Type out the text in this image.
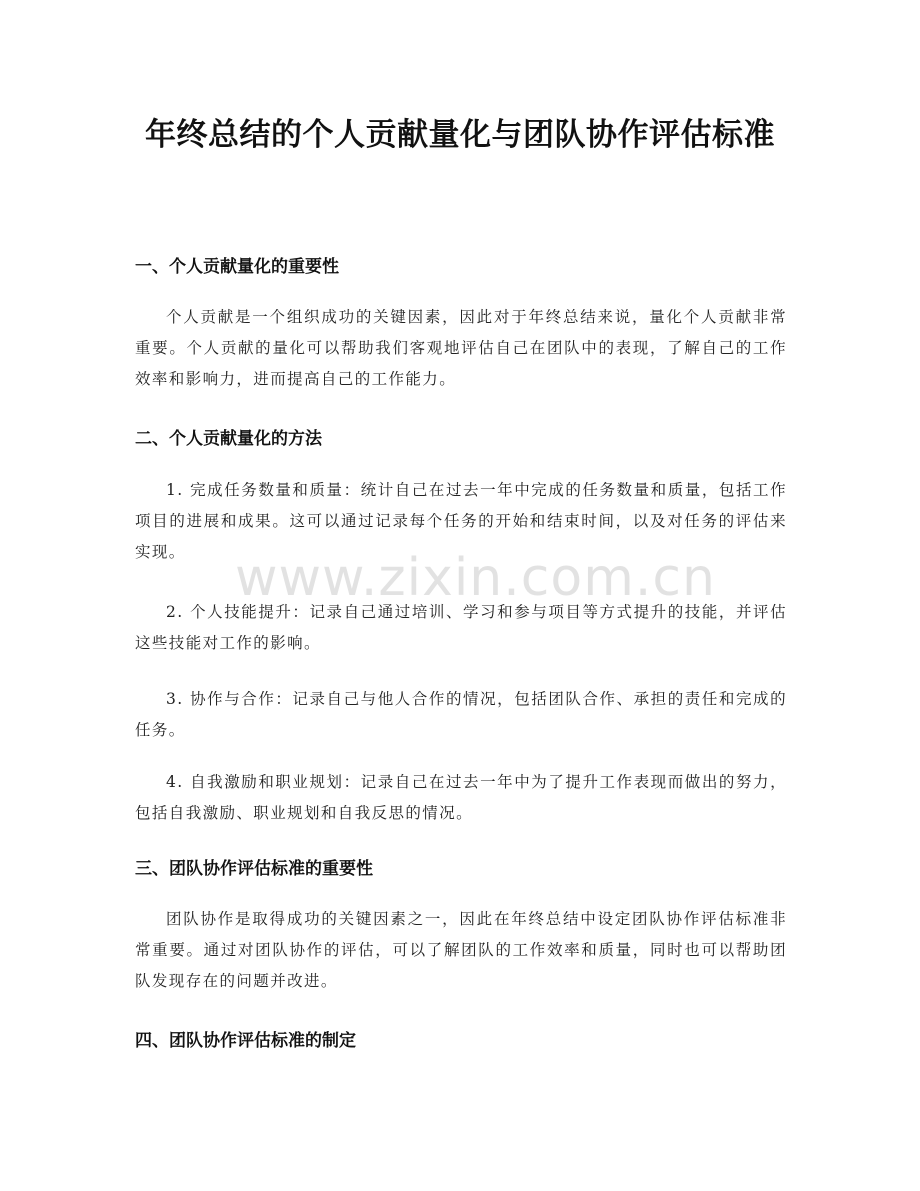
www.zixin.com.cn
年终总结的个人贡献量化与团队协作评估标准
一、个人贡献量化的重要性

个人贡献是一个组织成功的关键因素，因此对于年终总结来说，量化个人贡献非常重要。个人贡献的量化可以帮助我们客观地评估自己在团队中的表现，了解自己的工作效率和影响力，进而提高自己的工作能力。

二、个人贡献量化的方法

1. 完成任务数量和质量：统计自己在过去一年中完成的任务数量和质量，包括工作项目的进展和成果。这可以通过记录每个任务的开始和结束时间，以及对任务的评估来实现。

2. 个人技能提升：记录自己通过培训、学习和参与项目等方式提升的技能，并评估这些技能对工作的影响。

3. 协作与合作：记录自己与他人合作的情况，包括团队合作、承担的责任和完成的任务。

4. 自我激励和职业规划：记录自己在过去一年中为了提升工作表现而做出的努力，包括自我激励、职业规划和自我反思的情况。

三、团队协作评估标准的重要性

团队协作是取得成功的关键因素之一，因此在年终总结中设定团队协作评估标准非常重要。通过对团队协作的评估，可以了解团队的工作效率和质量，同时也可以帮助团队发现存在的问题并改进。

四、团队协作评估标准的制定
